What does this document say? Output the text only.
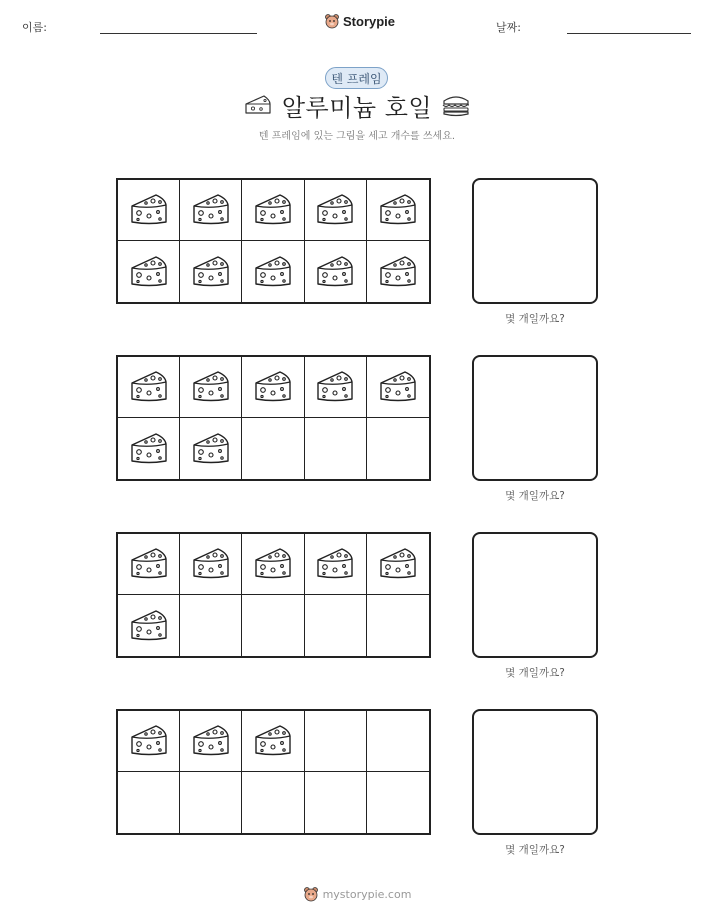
이름:	Storypie	날짜:
텐 프레임
알루미늄 호일
텐 프레임에 있는 그림을 세고 개수를 쓰세요.
몇 개일까요?
몇 개일까요?
몇 개일까요?
몇 개일까요?
mystorypie.com
